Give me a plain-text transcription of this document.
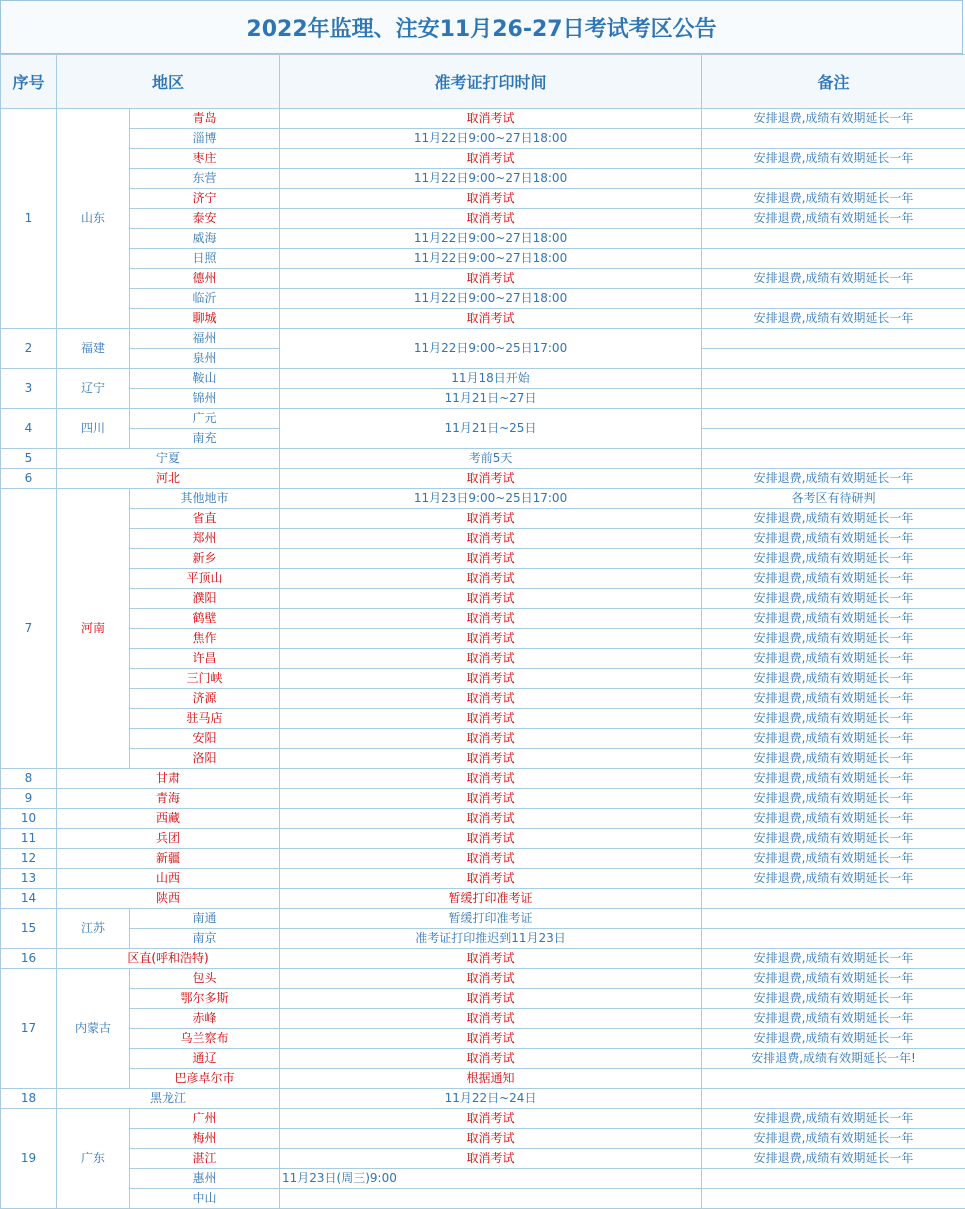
2022年监理、注安11月26-27日考试考区公告
序号	地区		准考证打印时间	备注
1	山东	青岛	取消考试	安排退费,成绩有效期延长一年
		淄博	11月22日9:00~27日18:00	
		枣庄	取消考试	安排退费,成绩有效期延长一年
		东营	11月22日9:00~27日18:00	
		济宁	取消考试	安排退费,成绩有效期延长一年
		泰安	取消考试	安排退费,成绩有效期延长一年
		威海	11月22日9:00~27日18:00	
		日照	11月22日9:00~27日18:00	
		德州	取消考试	安排退费,成绩有效期延长一年
		临沂	11月22日9:00~27日18:00	
		聊城	取消考试	安排退费,成绩有效期延长一年
2	福建	福州	11月22日9:00~25日17:00	
		泉州		
3	辽宁	鞍山	11月18日开始	
		锦州	11月21日~27日	
4	四川	广元	11月21日~25日	
		南充		
5	宁夏		考前5天	
6	河北		取消考试	安排退费,成绩有效期延长一年
7	河南	其他地市	11月23日9:00~25日17:00	各考区有待研判
		省直	取消考试	安排退费,成绩有效期延长一年
		郑州	取消考试	安排退费,成绩有效期延长一年
		新乡	取消考试	安排退费,成绩有效期延长一年
		平顶山	取消考试	安排退费,成绩有效期延长一年
		濮阳	取消考试	安排退费,成绩有效期延长一年
		鹤壁	取消考试	安排退费,成绩有效期延长一年
		焦作	取消考试	安排退费,成绩有效期延长一年
		许昌	取消考试	安排退费,成绩有效期延长一年
		三门峡	取消考试	安排退费,成绩有效期延长一年
		济源	取消考试	安排退费,成绩有效期延长一年
		驻马店	取消考试	安排退费,成绩有效期延长一年
		安阳	取消考试	安排退费,成绩有效期延长一年
		洛阳	取消考试	安排退费,成绩有效期延长一年
8	甘肃		取消考试	安排退费,成绩有效期延长一年
9	青海		取消考试	安排退费,成绩有效期延长一年
10	西藏		取消考试	安排退费,成绩有效期延长一年
11	兵团		取消考试	安排退费,成绩有效期延长一年
12	新疆		取消考试	安排退费,成绩有效期延长一年
13	山西		取消考试	安排退费,成绩有效期延长一年
14	陕西		暂缓打印准考证	
15	江苏	南通	暂缓打印准考证	
		南京	准考证打印推迟到11月23日	
16	区直(呼和浩特)		取消考试	安排退费,成绩有效期延长一年
17	内蒙古	包头	取消考试	安排退费,成绩有效期延长一年
		鄂尔多斯	取消考试	安排退费,成绩有效期延长一年
		赤峰	取消考试	安排退费,成绩有效期延长一年
		乌兰察布	取消考试	安排退费,成绩有效期延长一年
		通辽	取消考试	安排退费,成绩有效期延长一年!
		巴彦卓尔市	根据通知	
18	黑龙江		11月22日~24日	
19	广东	广州	取消考试	安排退费,成绩有效期延长一年
		梅州	取消考试	安排退费,成绩有效期延长一年
		湛江	取消考试	安排退费,成绩有效期延长一年
		惠州	11月23日(周三)9:00	
		中山		
